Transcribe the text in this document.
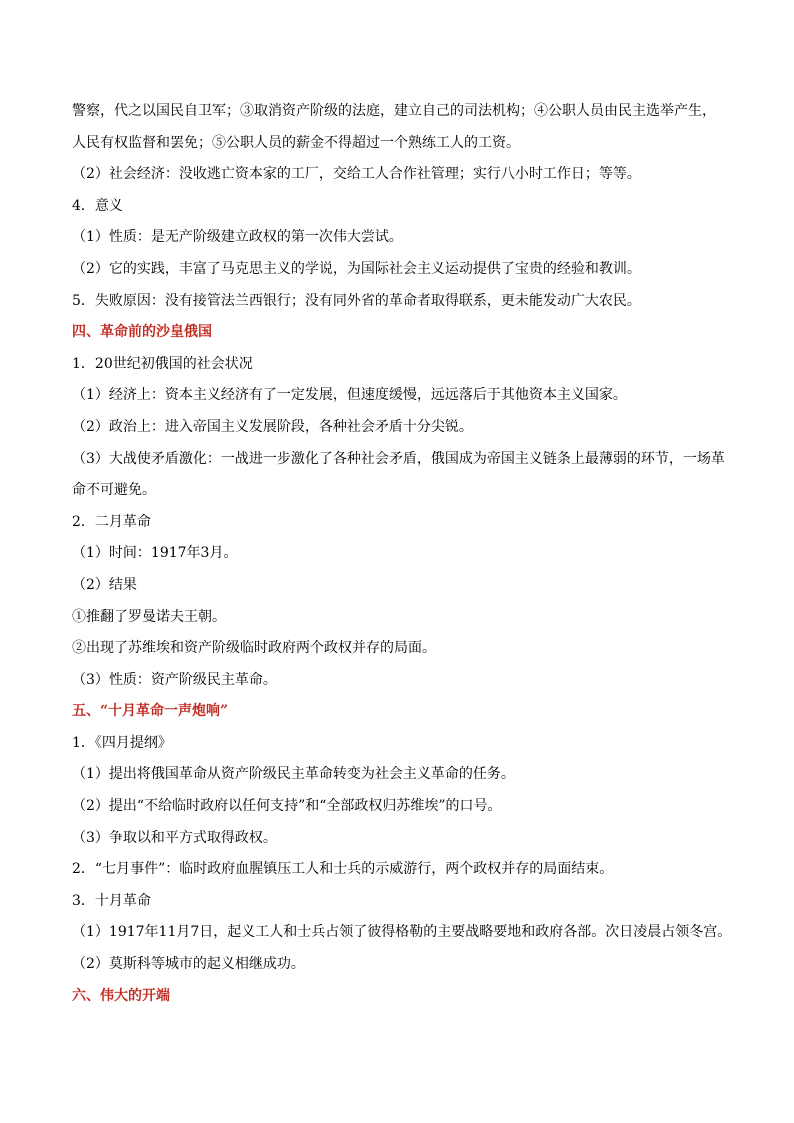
警察，代之以国民自卫军；③取消资产阶级的法庭，建立自己的司法机构；④公职人员由民主选举产生，
人民有权监督和罢免；⑤公职人员的薪金不得超过一个熟练工人的工资。
（2）社会经济：没收逃亡资本家的工厂，交给工人合作社管理；实行八小时工作日；等等。
4．意义
（1）性质：是无产阶级建立政权的第一次伟大尝试。
（2）它的实践，丰富了马克思主义的学说，为国际社会主义运动提供了宝贵的经验和教训。
5．失败原因：没有接管法兰西银行；没有同外省的革命者取得联系，更未能发动广大农民。
四、革命前的沙皇俄国
1．20世纪初俄国的社会状况
（1）经济上：资本主义经济有了一定发展，但速度缓慢，远远落后于其他资本主义国家。
（2）政治上：进入帝国主义发展阶段，各种社会矛盾十分尖锐。
（3）大战使矛盾激化：一战进一步激化了各种社会矛盾，俄国成为帝国主义链条上最薄弱的环节，一场革
命不可避免。
2．二月革命
（1）时间：1917年3月。
（2）结果
①推翻了罗曼诺夫王朝。
②出现了苏维埃和资产阶级临时政府两个政权并存的局面。
（3）性质：资产阶级民主革命。
五、“十月革命一声炮响”
1．《四月提纲》
（1）提出将俄国革命从资产阶级民主革命转变为社会主义革命的任务。
（2）提出“不给临时政府以任何支持”和“全部政权归苏维埃”的口号。
（3）争取以和平方式取得政权。
2．“七月事件”：临时政府血腥镇压工人和士兵的示威游行，两个政权并存的局面结束。
3．十月革命
（1）1917年11月7日，起义工人和士兵占领了彼得格勒的主要战略要地和政府各部。次日凌晨占领冬宫。
（2）莫斯科等城市的起义相继成功。
六、伟大的开端
